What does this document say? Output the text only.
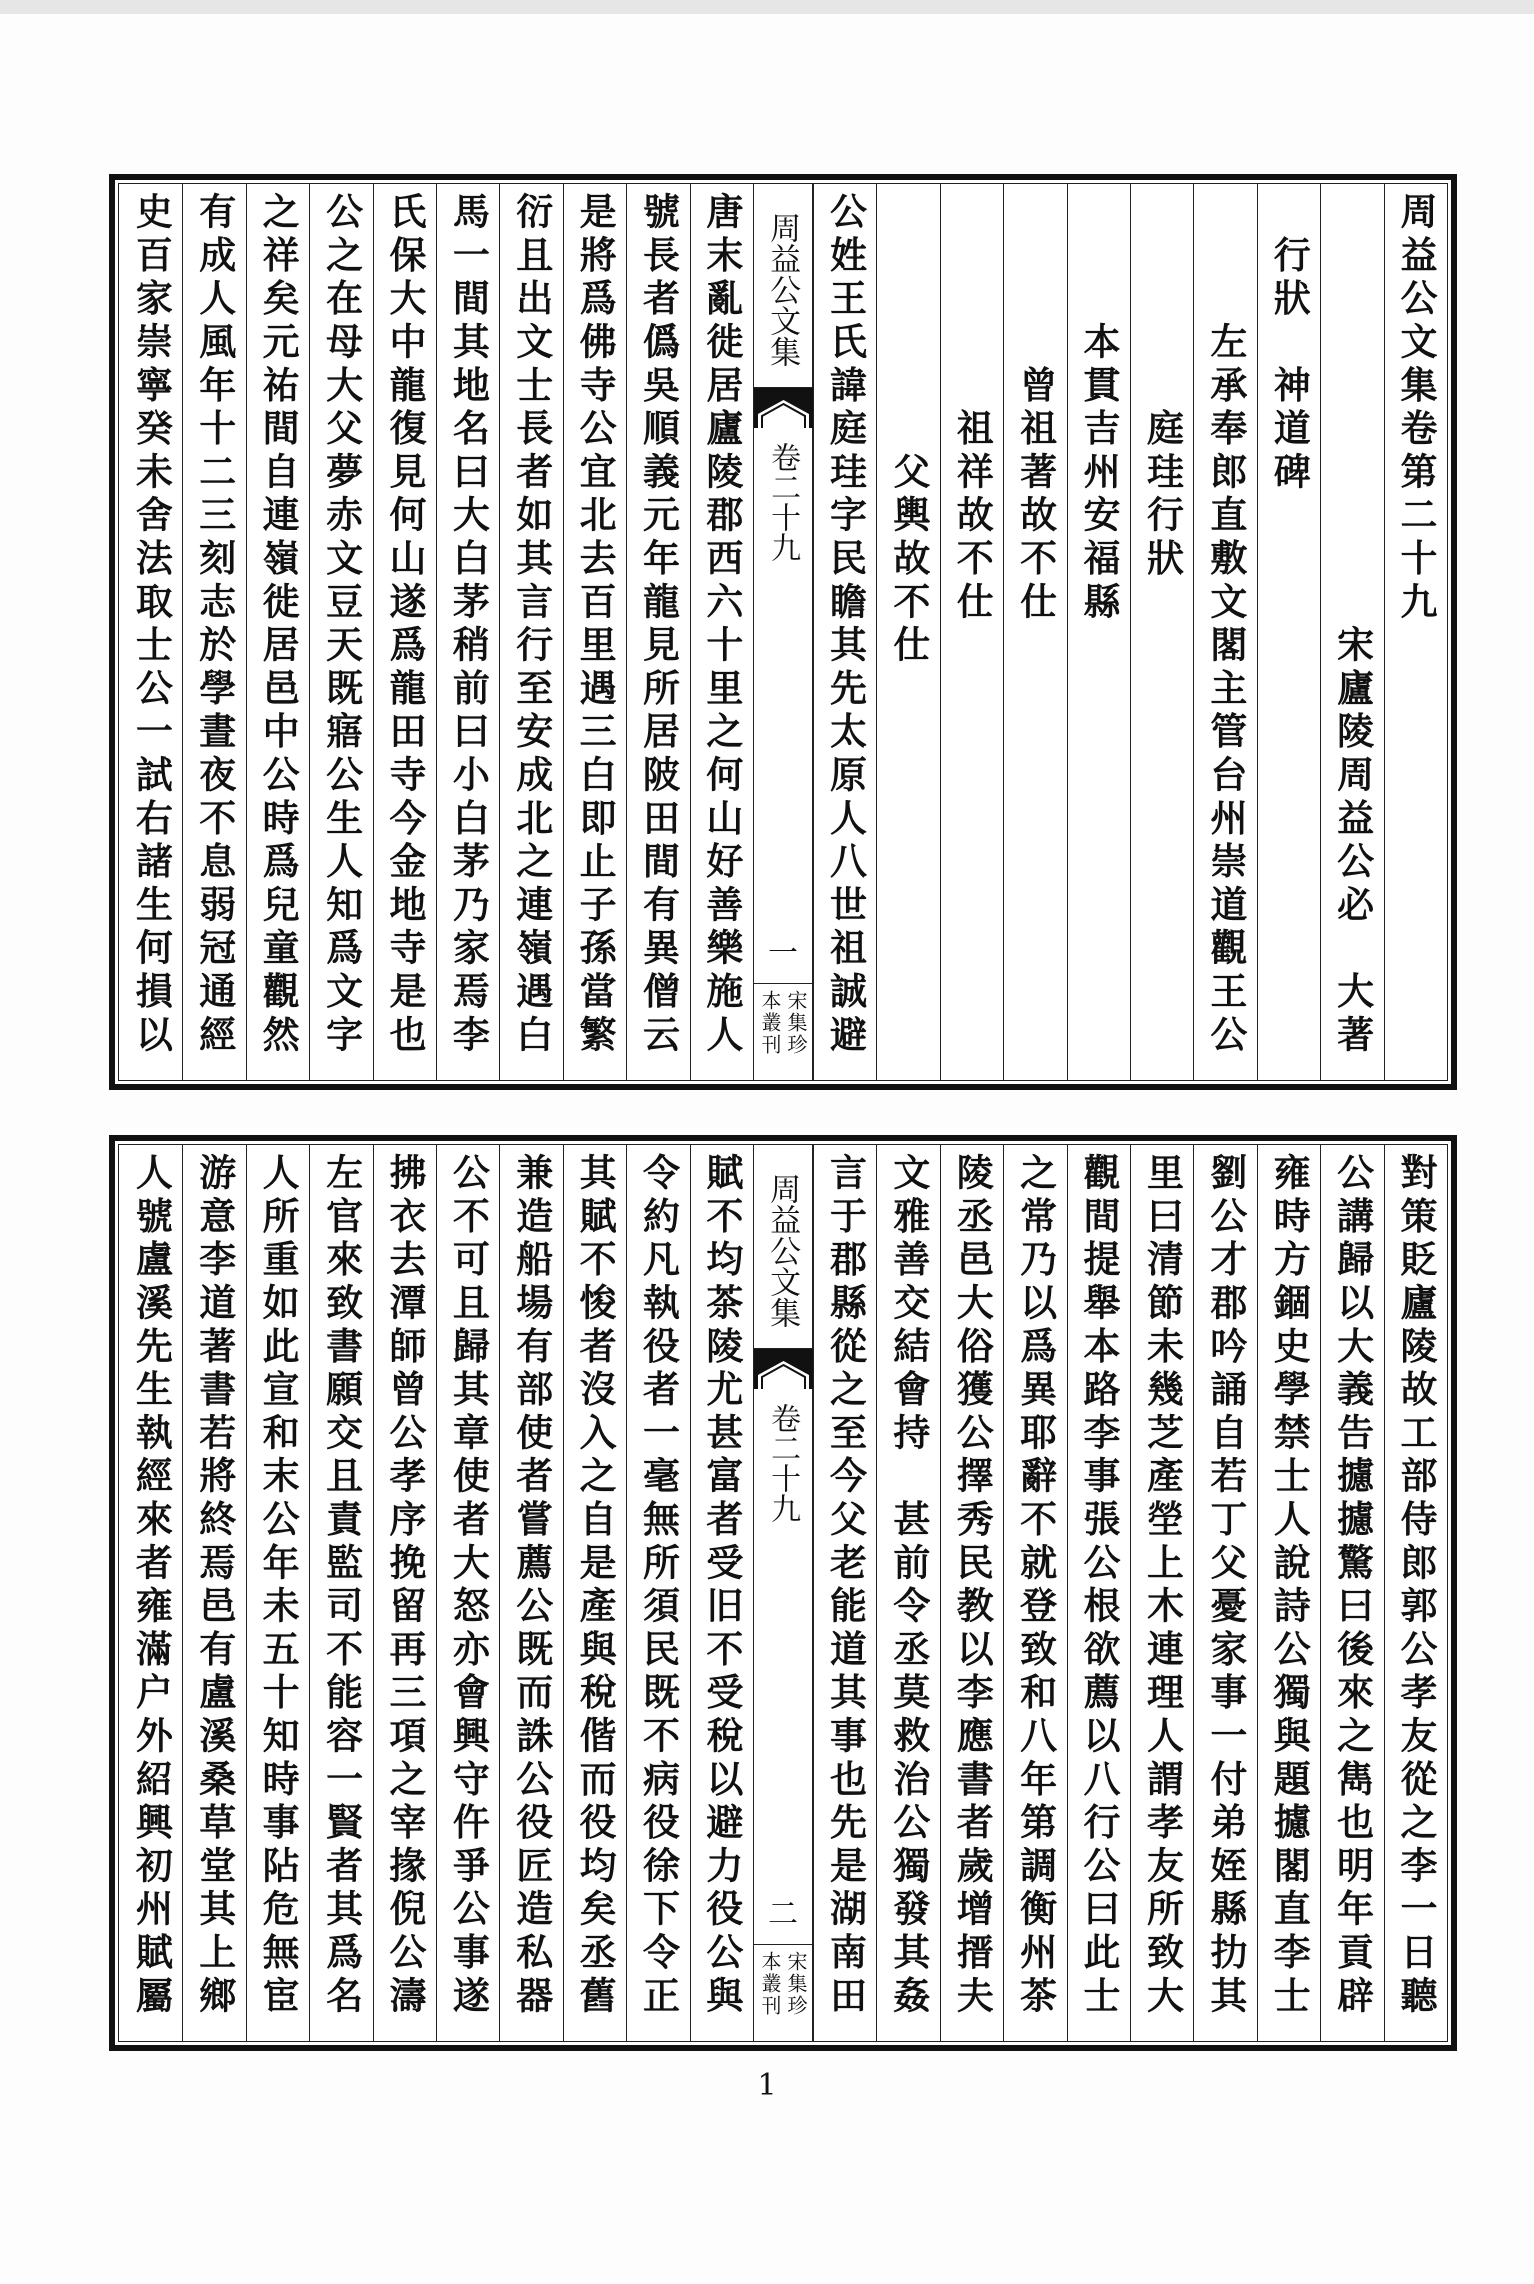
周益公文集卷第二十九
　　　　　　　　　　宋廬陵周益公必　大著
　行狀　神道碑
　　　左承奉郎直敷文閣主管台州崇道觀王公
　　　　　庭珪行狀
　　　本貫吉州安福縣
　　　　曾祖著故不仕
　　　　　祖祥故不仕
　　　　　　父輿故不仕
公姓王氏諱庭珪字民瞻其先太原人八世祖誠避
周益公文集
卷二十九
一
宋集珍
本叢刊
唐末亂徙居廬陵郡西六十里之何山好善樂施人
號長者僞吳順義元年龍見所居陂田間有異僧云
是將爲佛寺公宜北去百里遇三白即止子孫當繁
衍且出文士長者如其言行至安成北之連嶺遇白
馬一間其地名曰大白茅稍前曰小白茅乃家焉李
氏保大中龍復見何山遂爲龍田寺今金地寺是也
公之在母大父夢赤文豆天既寤公生人知爲文字
之祥矣元祐間自連嶺徙居邑中公時爲兒童觀然
有成人風年十二三刻志於學晝夜不息弱冠通經
史百家崇寧癸未舍法取士公一試右諸生何損以
對策貶廬陵故工部侍郎郭公孝友從之李一日聽
公講歸以大義告攄攄驚曰後來之雋也明年貢辟
雍時方錮史學禁士人說詩公獨與題攄閣直李士
劉公才郡吟誦自若丁父憂家事一付弟姪縣扐其
里曰清節未幾芝產塋上木連理人謂孝友所致大
觀間提舉本路李事張公根欲薦以八行公曰此士
之常乃以爲異耶辭不就登致和八年第調衡州茶
陵丞邑大俗獲公擇秀民教以李應書者歲增搢夫
文雅善交結會持　甚前令丞莫救治公獨發其姦
言于郡縣從之至今父老能道其事也先是湖南田
周益公文集
卷二十九
二
宋集珍
本叢刊
賦不均茶陵尤甚富者受旧不受稅以避力役公與
令約凡執役者一毫無所須民既不病役徐下令正
其賦不悛者沒入之自是產與稅偕而役均矣丞舊
兼造船場有部使者嘗薦公既而誅公役匠造私器
公不可且歸其章使者大怒亦會興守仵爭公事遂
拂衣去潭師曾公孝序挽留再三項之宰掾倪公濤
左官來致書願交且責監司不能容一賢者其爲名
人所重如此宣和末公年未五十知時事阽危無宦
游意李道著書若將終焉邑有盧溪桑草堂其上鄉
人號盧溪先生執經來者雍滿户外紹興初州賦屬
1
